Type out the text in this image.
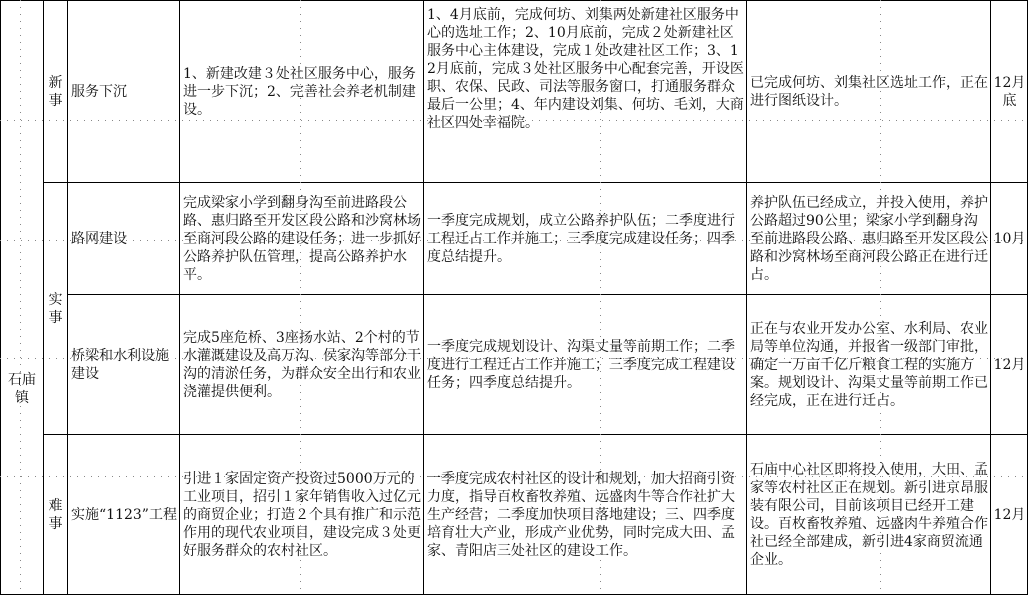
石庙镇
新事
服务下沉
1、新建改建３处社区服务中心，服务进一步下沉；2、完善社会养老机制建设。
1、4月底前，完成何坊、刘集两处新建社区服务中心的选址工作；2、10月底前，完成２处新建社区服务中心主体建设，完成１处改建社区工作；3、12月底前，完成３处社区服务中心配套完善，开设医职、农保、民政、司法等服务窗口，打通服务群众最后一公里；4、年内建设刘集、何坊、毛刘，大商社区四处幸福院。
已完成何坊、刘集社区选址工作，正在进行图纸设计。
12月底
实事
路网建设
完成梁家小学到翻身沟至前进路段公路、惠归路至开发区段公路和沙窝林场至商河段公路的建设任务；进一步抓好公路养护队伍管理，提高公路养护水平。
一季度完成规划，成立公路养护队伍；二季度进行工程迁占工作并施工；三季度完成建设任务；四季度总结提升。
养护队伍已经成立，并投入使用，养护公路超过90公里；梁家小学到翻身沟至前进路段公路、惠归路至开发区段公路和沙窝林场至商河段公路正在进行迁占。
10月
桥梁和水利设施建设
完成5座危桥、3座扬水站、2个村的节水灌溉建设及高万沟、侯家沟等部分干沟的清淤任务，为群众安全出行和农业浇灌提供便利。
一季度完成规划设计、沟渠丈量等前期工作；二季度进行工程迁占工作并施工；三季度完成工程建设任务；四季度总结提升。
正在与农业开发办公室、水利局、农业局等单位沟通，并报省一级部门审批，确定一万亩千亿斤粮食工程的实施方案。规划设计、沟渠丈量等前期工作已经完成，正在进行迁占。
12月
难事
实施“1123”工程
引进１家固定资产投资过5000万元的工业项目，招引１家年销售收入过亿元的商贸企业；打造２个具有推广和示范作用的现代农业项目，建设完成３处更好服务群众的农村社区。
一季度完成农村社区的设计和规划，加大招商引资力度，指导百枚畜牧养殖、远盛肉牛等合作社扩大生产经营；二季度加快项目落地建设；三、四季度培育壮大产业，形成产业优势，同时完成大田、孟家、青阳店三处社区的建设工作。
石庙中心社区即将投入使用，大田、孟家等农村社区正在规划。新引进京昂服装有限公司，目前该项目已经开工建设。百枚畜牧养殖、远盛肉牛养殖合作社已经全部建成，新引进4家商贸流通企业。
12月
